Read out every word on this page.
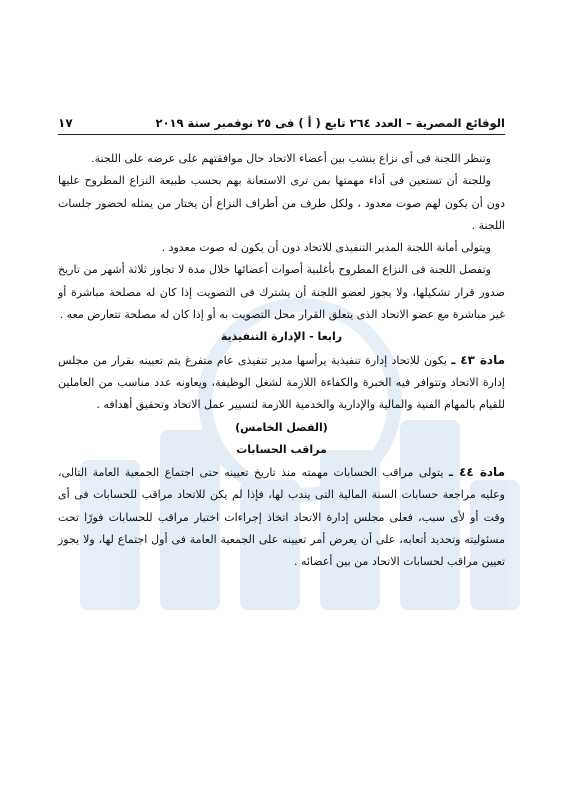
الوقائع المصرية – العدد ٢٦٤ تابع ( أ ) فى ٢٥ نوفمبر سنة ٢٠١٩
١٧

وتنظر اللجنة فى أى نزاع ينشب بين أعضاء الاتحاد حال موافقتهم على عرضه على اللجنة.

وللجنة أن تستعين فى أداء مهمتها بمن ترى الاستعانة بهم بحسب طبيعة النزاع المطروح عليها دون أن يكون لهم صوت معدود ، ولكل طرف من أطراف النزاع أن يختار من يمثله لحضور جلسات اللجنة .

ويتولى أمانة اللجنة المدير التنفيذى للاتحاد دون أن يكون له صوت معدود .

وتفصل اللجنة فى النزاع المطروح بأغلبية أصوات أعضائها خلال مدة لا تجاوز ثلاثة أشهر من تاريخ صدور قرار تشكيلها، ولا يجوز لعضو اللجنة أن يشترك فى التصويت إذا كان له مصلحة مباشرة أو غير مباشرة مع عضو الاتحاد الذى يتعلق القرار محل التصويت به أو إذا كان له مصلحة تتعارض معه .

رابعا - الإدارة التنفيذية

مادة ٤٣ ـ يكون للاتحاد إدارة تنفيذية يرأسها مدير تنفيذى عام متفرغ يتم تعيينه بقرار من مجلس إدارة الاتحاد وتتوافر فيه الخبرة والكفاءة اللازمة لشغل الوظيفة، ويعاونه عدد مناسب من العاملين للقيام بالمهام الفنية والمالية والإدارية والخدمية اللازمة لتسيير عمل الاتحاد وتحقيق أهدافه .

(الفصل الخامس)

مراقب الحسابات

مادة ٤٤ ـ يتولى مراقب الحسابات مهمته منذ تاريخ تعيينه حتى اجتماع الجمعية العامة التالى، وعليه مراجعة حسابات السنة المالية التى يندب لها، فإذا لم يكن للاتحاد مراقب للحسابات فى أى وقت أو لأى سبب، فعلى مجلس إدارة الاتحاد اتخاذ إجراءات اختيار مراقب للحسابات فورًا تحت مسئوليته وتحديد أتعابه، على أن يعرض أمر تعيينه على الجمعية العامة فى أول اجتماع لها، ولا يجوز تعيين مراقب لحسابات الاتحاد من بين أعضائه .
